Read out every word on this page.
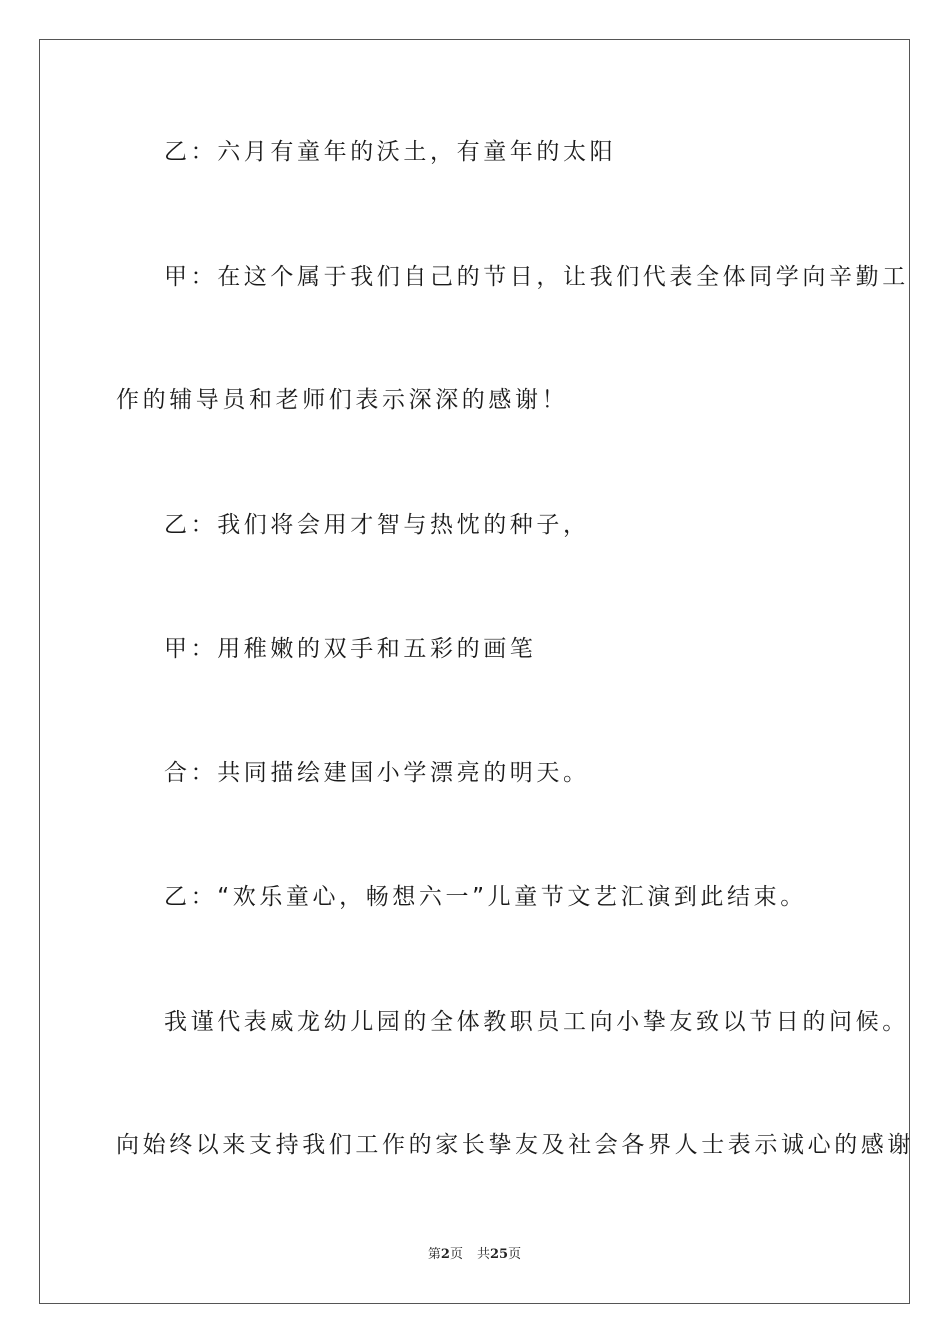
乙：六月有童年的沃土，有童年的太阳

甲：在这个属于我们自己的节日，让我们代表全体同学向辛勤工

作的辅导员和老师们表示深深的感谢！

乙：我们将会用才智与热忱的种子，

甲：用稚嫩的双手和五彩的画笔

合：共同描绘建国小学漂亮的明天。

乙：“欢乐童心，畅想六一”儿童节文艺汇演到此结束。

我谨代表威龙幼儿园的全体教职员工向小挚友致以节日的问候。

向始终以来支持我们工作的家长挚友及社会各界人士表示诚心的感谢

第2页 共25页
